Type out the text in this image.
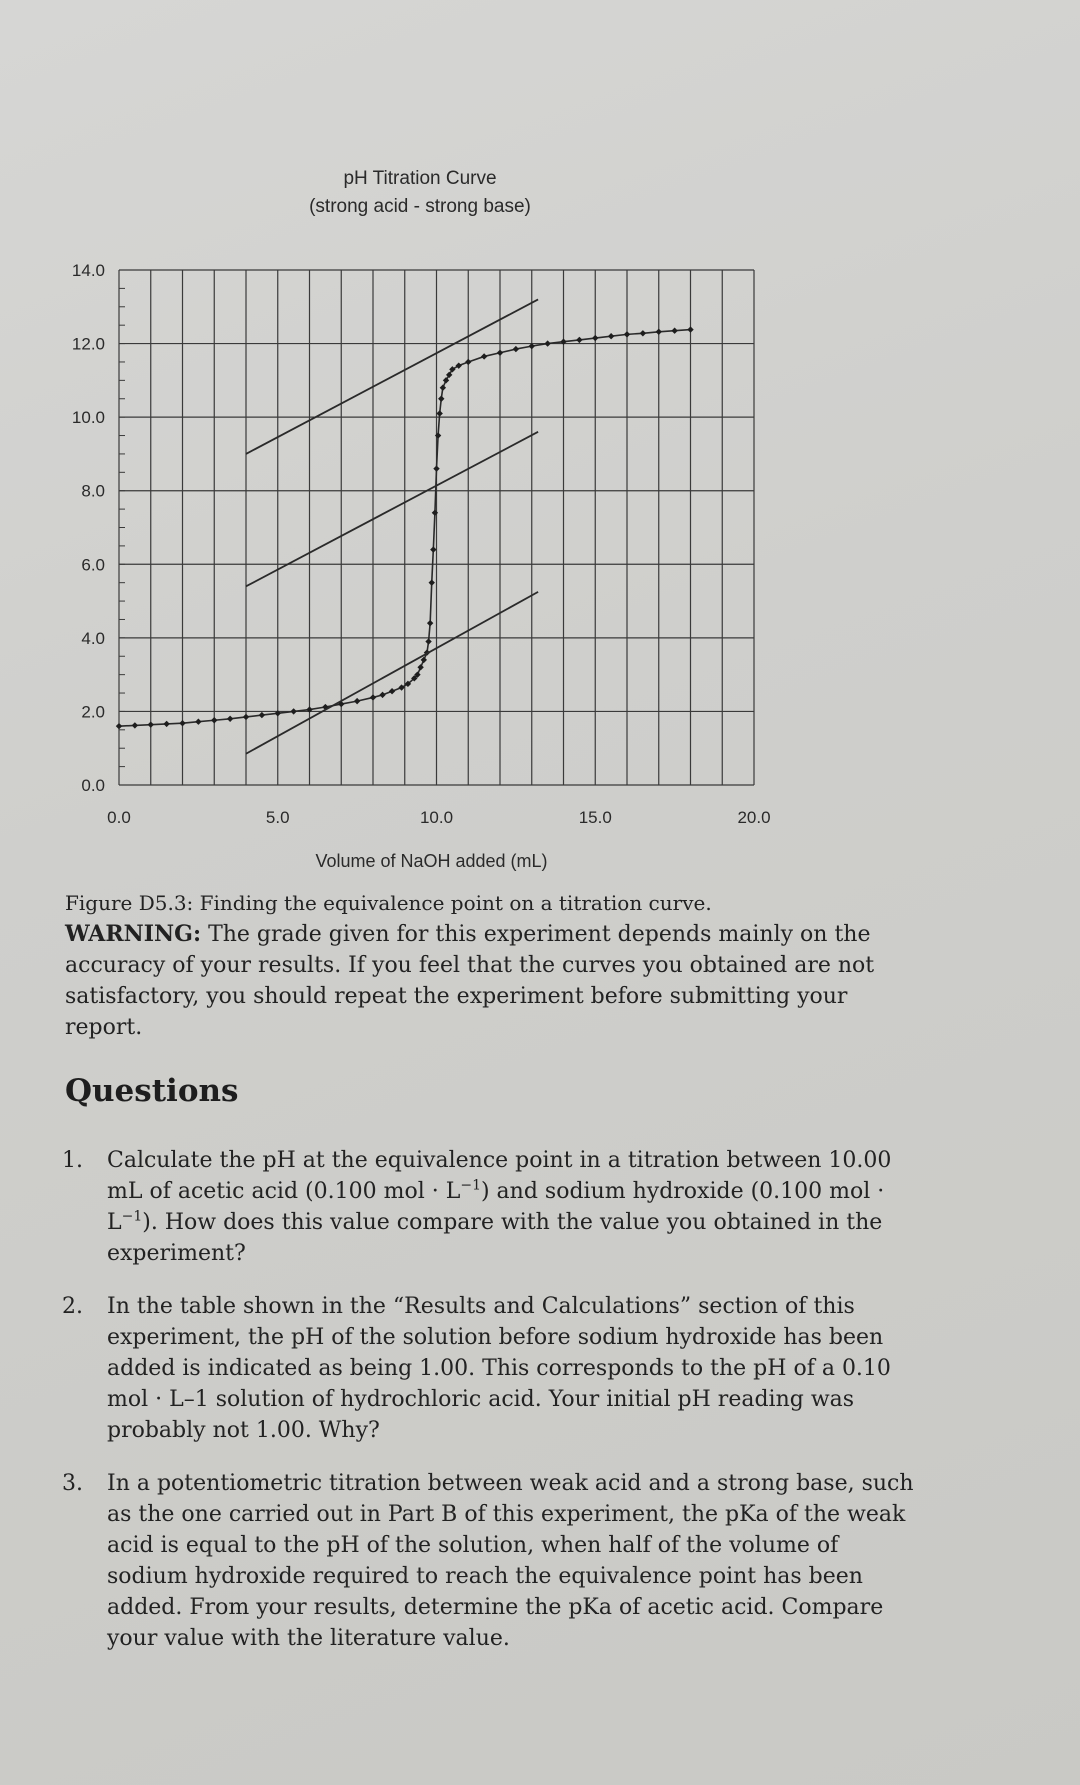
pH Titration Curve
(strong acid - strong base)
0.0
2.0
4.0
6.0
8.0
10.0
12.0
14.0
0.0	5.0	10.0	15.0	20.0
Volume of NaOH added (mL)
Figure D5.3: Finding the equivalence point on a titration curve.
WARNING: The grade given for this experiment depends mainly on the accuracy of your results. If you feel that the curves you obtained are not satisfactory, you should repeat the experiment before submitting your report.
Questions
1.	Calculate the pH at the equivalence point in a titration between 10.00 mL of acetic acid (0.100 mol · $L^{-1}$) and sodium hydroxide (0.100 mol · $L^{-1}$). How does this value compare with the value you obtained in the experiment?
2.	In the table shown in the “Results and Calculations” section of this experiment, the pH of the solution before sodium hydroxide has been added is indicated as being 1.00. This corresponds to the pH of a 0.10 mol · L–1 solution of hydrochloric acid. Your initial pH reading was probably not 1.00. Why?
3.	In a potentiometric titration between weak acid and a strong base, such as the one carried out in Part B of this experiment, the pKa of the weak acid is equal to the pH of the solution, when half of the volume of sodium hydroxide required to reach the equivalence point has been added. From your results, determine the pKa of acetic acid. Compare your value with the literature value.
